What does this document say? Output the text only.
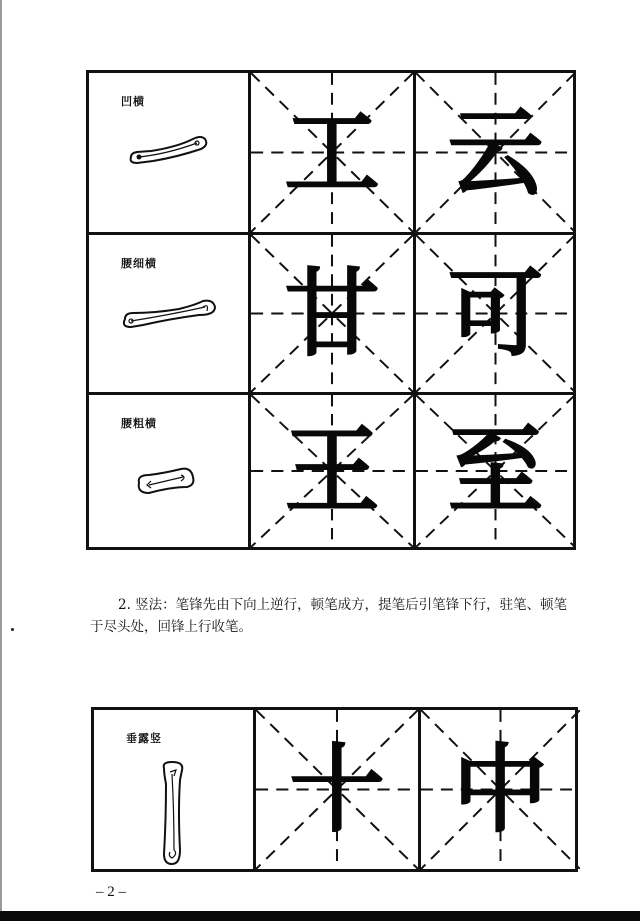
凹横	工 云
腰细横	甘 可
腰粗横	王 至
2. 竖法：笔锋先由下向上逆行，顿笔成方，提笔后引笔锋下行，驻笔、顿笔于尽头处，回锋上行收笔。
垂露竖	十 中
– 2 –
